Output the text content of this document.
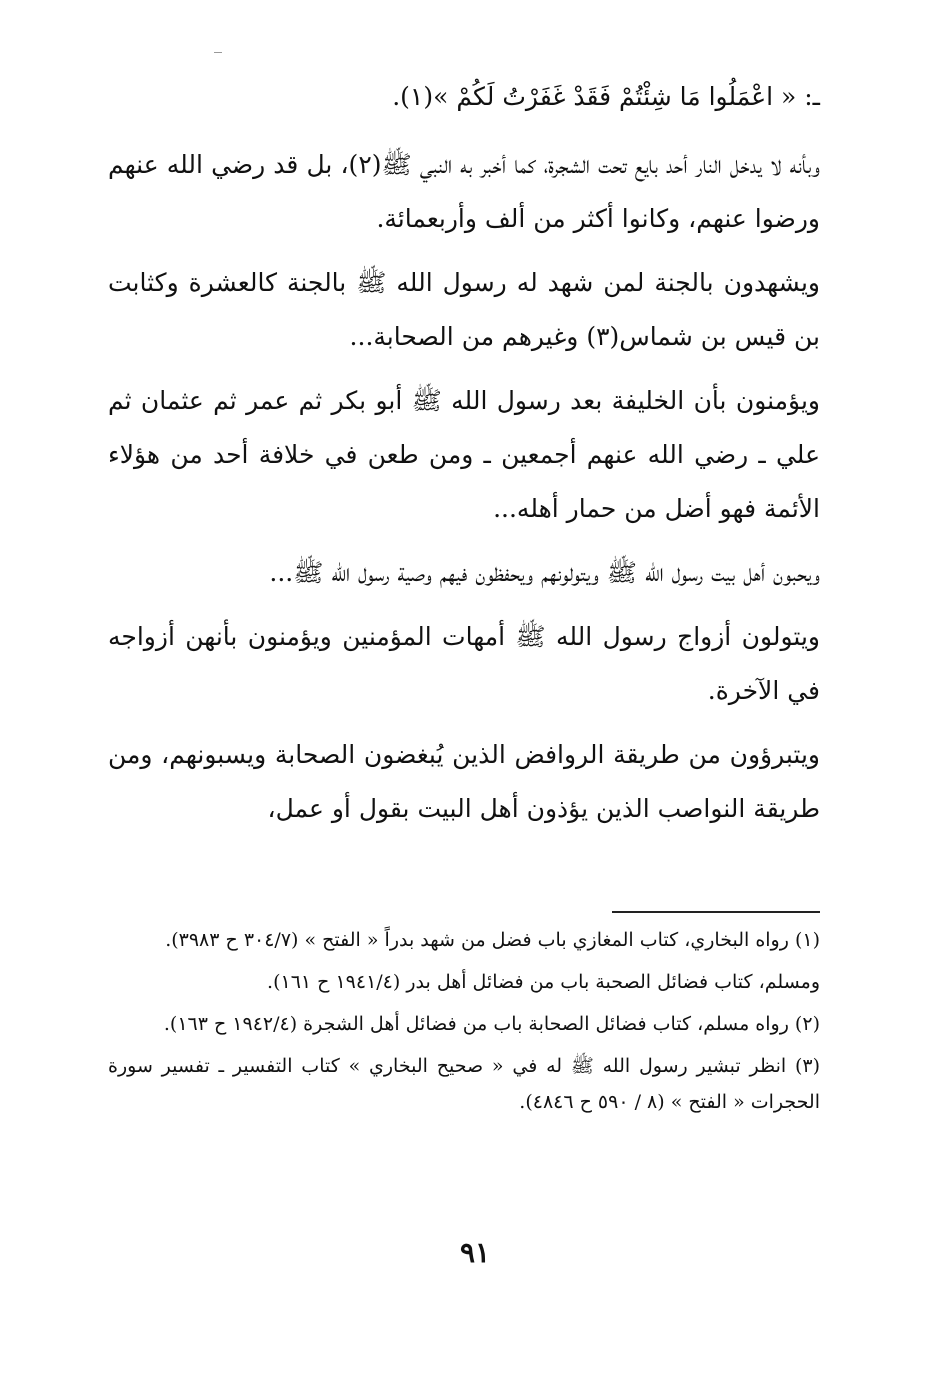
ـ: « اعْمَلُوا مَا شِئْتُمْ فَقَدْ غَفَرْتُ لَكُمْ »(١).

وبأنه لا يدخل النار أحد بايع تحت الشجرة، كما أخبر به النبي ﷺ(٢)، بل قد رضي الله عنهم ورضوا عنهم، وكانوا أكثر من ألف وأربعمائة.

ويشهدون بالجنة لمن شهد له رسول الله ﷺ بالجنة كالعشرة وكثابت بن قيس بن شماس(٣) وغيرهم من الصحابة...

ويؤمنون بأن الخليفة بعد رسول الله ﷺ أبو بكر ثم عمر ثم عثمان ثم علي ـ رضي الله عنهم أجمعين ـ ومن طعن في خلافة أحد من هؤلاء الأئمة فهو أضل من حمار أهله...

ويحبون أهل بيت رسول الله ﷺ ويتولونهم ويحفظون فيهم وصية رسول الله ﷺ...

ويتولون أزواج رسول الله ﷺ أمهات المؤمنين ويؤمنون بأنهن أزواجه في الآخرة.

ويتبرؤون من طريقة الروافض الذين يُبغضون الصحابة ويسبونهم، ومن طريقة النواصب الذين يؤذون أهل البيت بقول أو عمل،

(١) رواه البخاري، كتاب المغازي باب فضل من شهد بدراً « الفتح » (٣٠٤/٧ ح ٣٩٨٣).

ومسلم، كتاب فضائل الصحبة باب من فضائل أهل بدر (١٩٤١/٤ ح ١٦١).

(٢) رواه مسلم، كتاب فضائل الصحابة باب من فضائل أهل الشجرة (١٩٤٢/٤ ح ١٦٣).

(٣) انظر تبشير رسول الله ﷺ له في « صحيح البخاري » كتاب التفسير ـ تفسير سورة الحجرات « الفتح » (٨ / ٥٩٠ ح ٤٨٤٦).

٩١
